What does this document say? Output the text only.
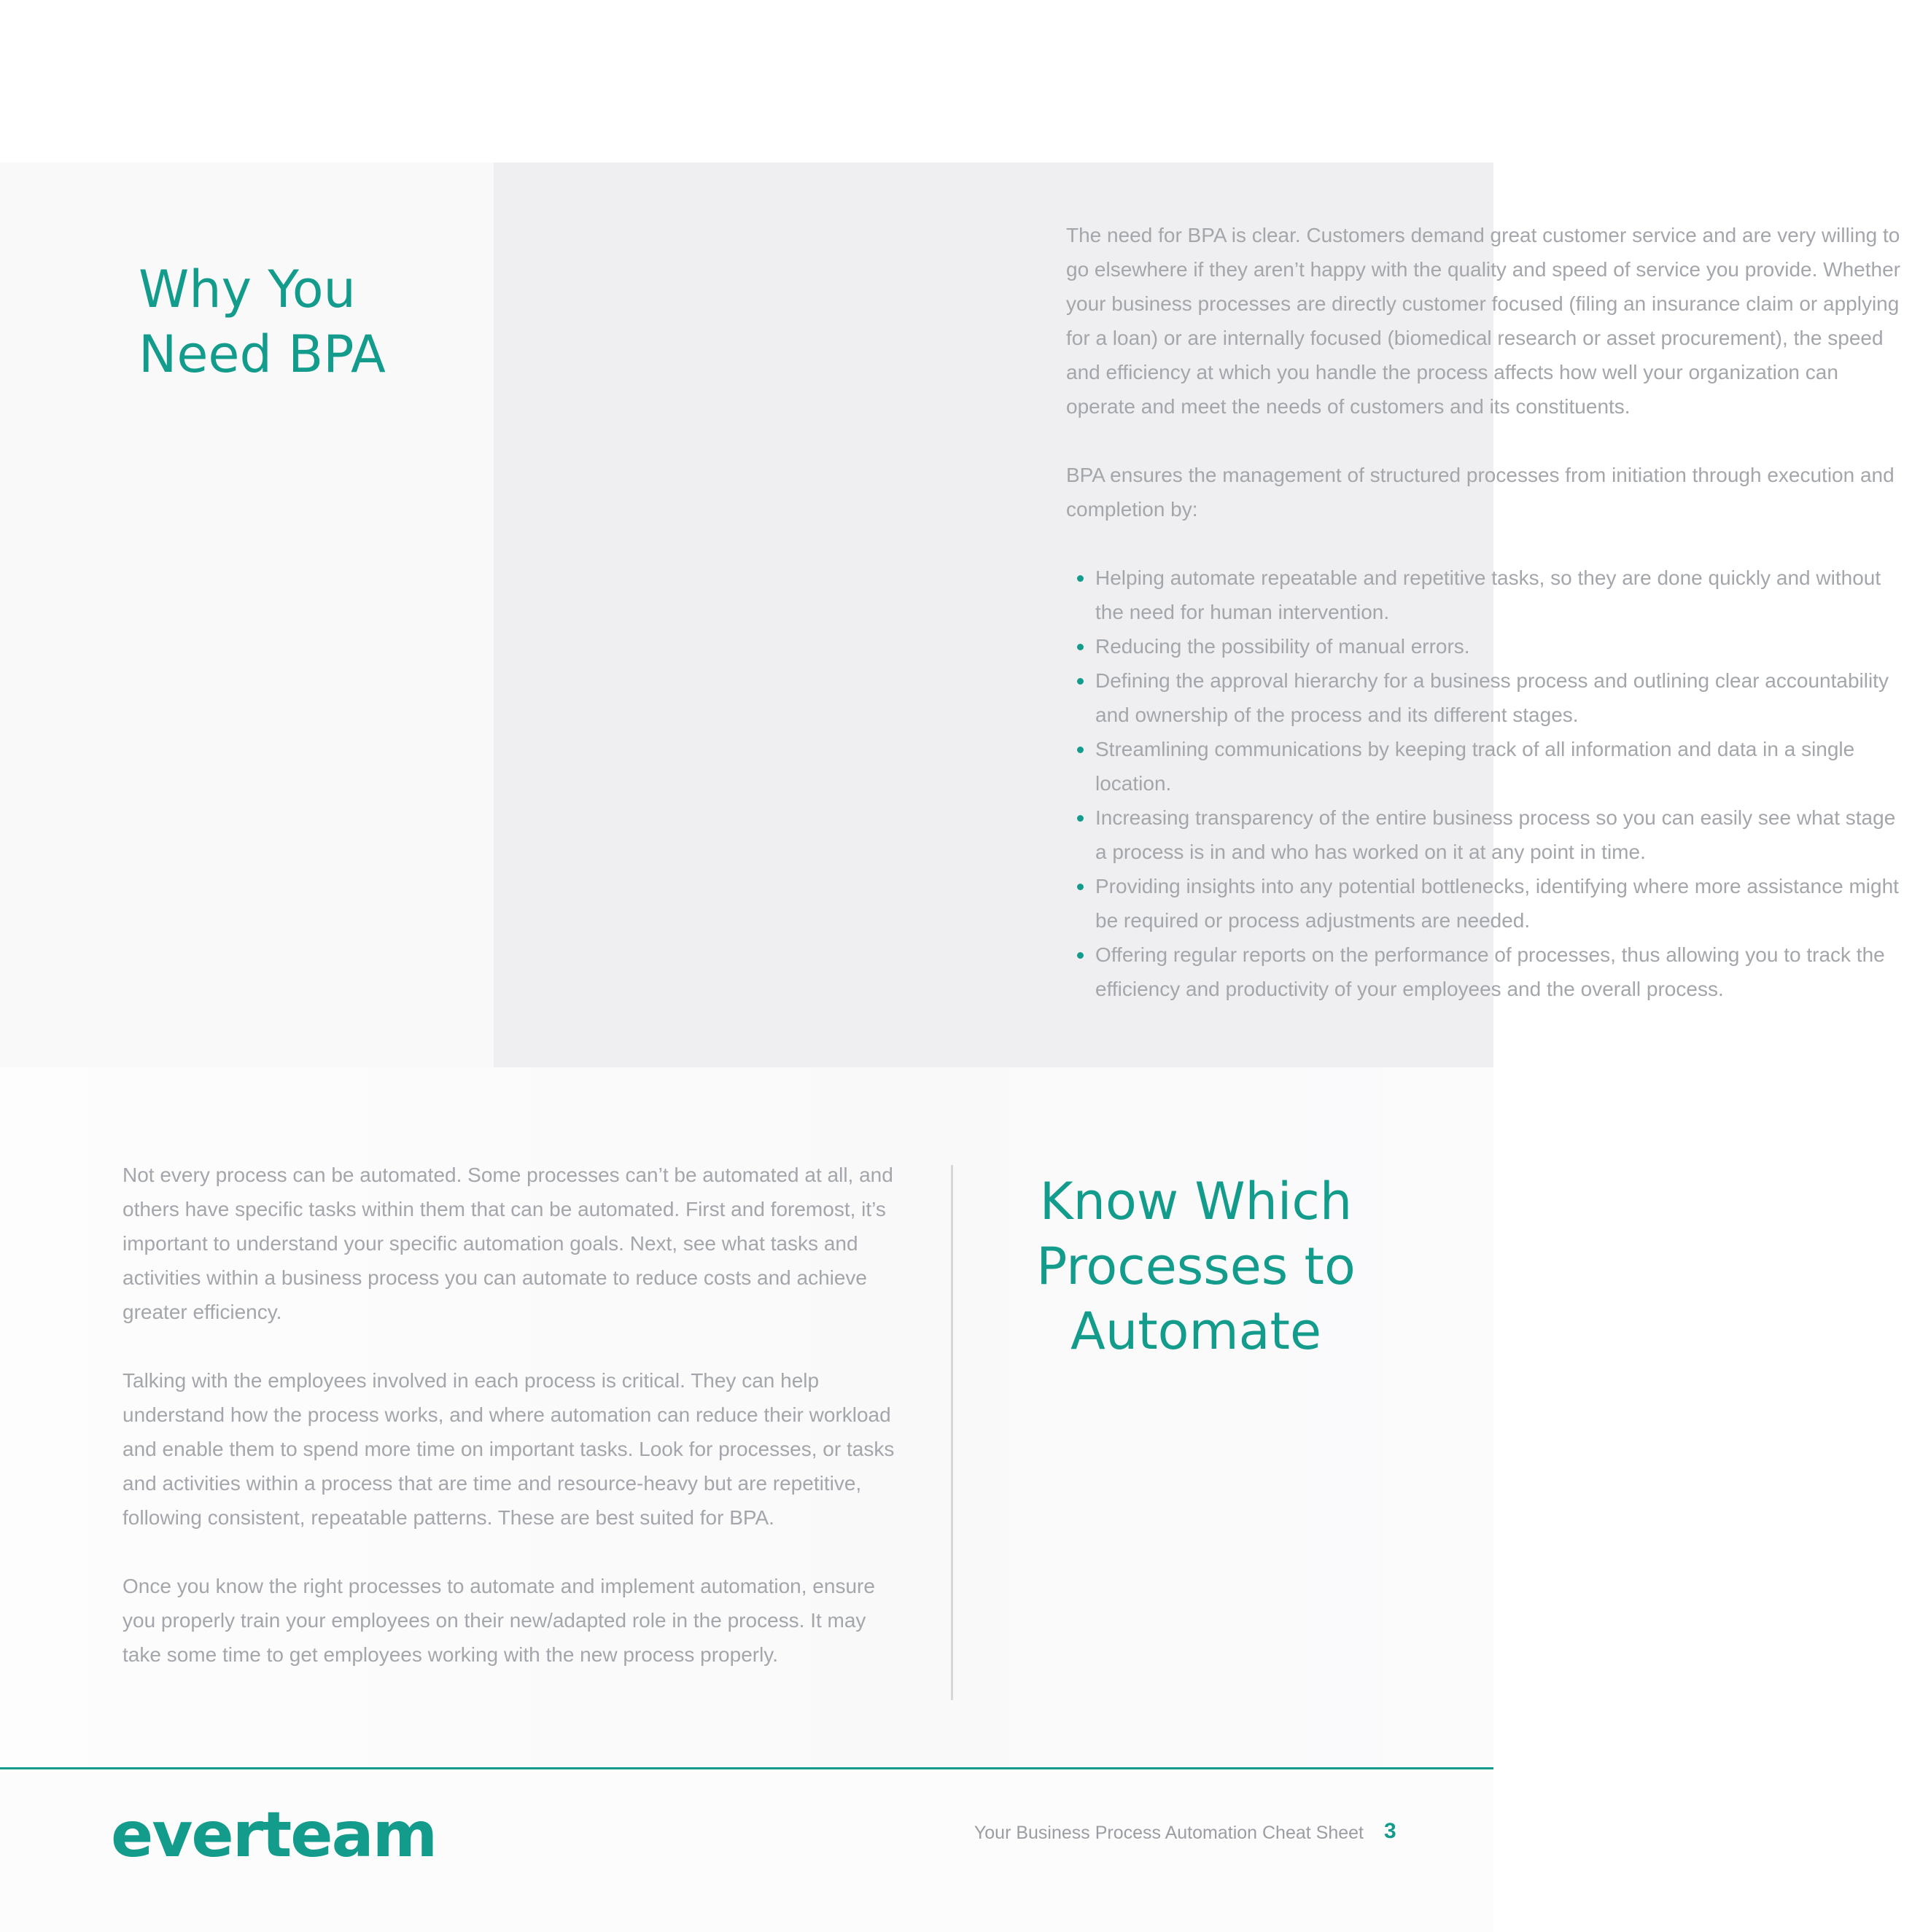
The need for BPA is clear. Customers demand great customer service and are very willing to go elsewhere if they aren’t happy with the quality and speed of service you provide. Whether your business processes are directly customer focused (filing an insurance claim or applying for a loan) or are internally focused (biomedical research or asset procurement), the speed and efficiency at which you handle the process affects how well your organization can operate and meet the needs of customers and its constituents.

BPA ensures the management of structured processes from initiation through execution and completion by:

Helping automate repeatable and repetitive tasks, so they are done quickly and without the need for human intervention.
Reducing the possibility of manual errors.
Defining the approval hierarchy for a business process and outlining clear accountability and ownership of the process and its different stages.
Streamlining communications by keeping track of all information and data in a single location.
Increasing transparency of the entire business process so you can easily see what stage a process is in and who has worked on it at any point in time.
Providing insights into any potential bottlenecks, identifying where more assistance might be required or process adjustments are needed.
Offering regular reports on the performance of processes, thus allowing you to track the efficiency and productivity of your employees and the overall process.
Why You Need BPA

Not every process can be automated. Some processes can’t be automated at all, and others have specific tasks within them that can be automated. First and foremost, it’s important to understand your specific automation goals. Next, see what tasks and activities within a business process you can automate to reduce costs and achieve greater efficiency.

Talking with the employees involved in each process is critical. They can help understand how the process works, and where automation can reduce their workload and enable them to spend more time on important tasks. Look for processes, or tasks and activities within a process that are time and resource-heavy but are repetitive, following consistent, repeatable patterns. These are best suited for BPA.

Once you know the right processes to automate and implement automation, ensure you properly train your employees on their new/adapted role in the process. It may take some time to get employees working with the new process properly.

Know Which Processes to Automate
everteam	Your Business Process Automation Cheat Sheet 3
